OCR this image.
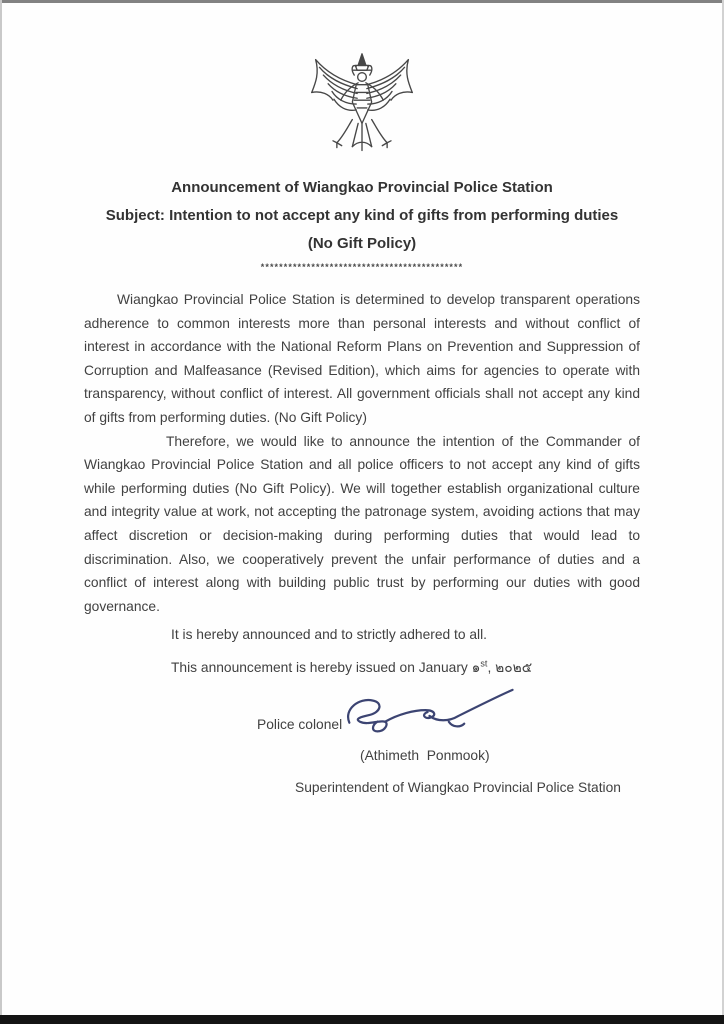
Announcement of Wiangkao Provincial Police Station
Subject: Intention to not accept any kind of gifts from performing duties
(No Gift Policy)
********************************************

Wiangkao Provincial Police Station is determined to develop transparent operations adherence to common interests more than personal interests and without conflict of interest in accordance with the National Reform Plans on Prevention and Suppression of Corruption and Malfeasance (Revised Edition), which aims for agencies to operate with transparency, without conflict of interest. All government officials shall not accept any kind of gifts from performing duties. (No Gift Policy)

Therefore, we would like to announce the intention of the Commander of Wiangkao Provincial Police Station and all police officers to not accept any kind of gifts while performing duties (No Gift Policy). We will together establish organizational culture and integrity value at work, not accepting the patronage system, avoiding actions that may affect discretion or decision-making during performing duties that would lead to discrimination. Also, we cooperatively prevent the unfair performance of duties and a conflict of interest along with building public trust by performing our duties with good governance.

It is hereby announced and to strictly adhered to all.
This announcement is hereby issued on January ๑$^{st}$, ๒๐๒๕
Police colonel

(Athimeth  Ponmook)

Superintendent of Wiangkao Provincial Police Station
